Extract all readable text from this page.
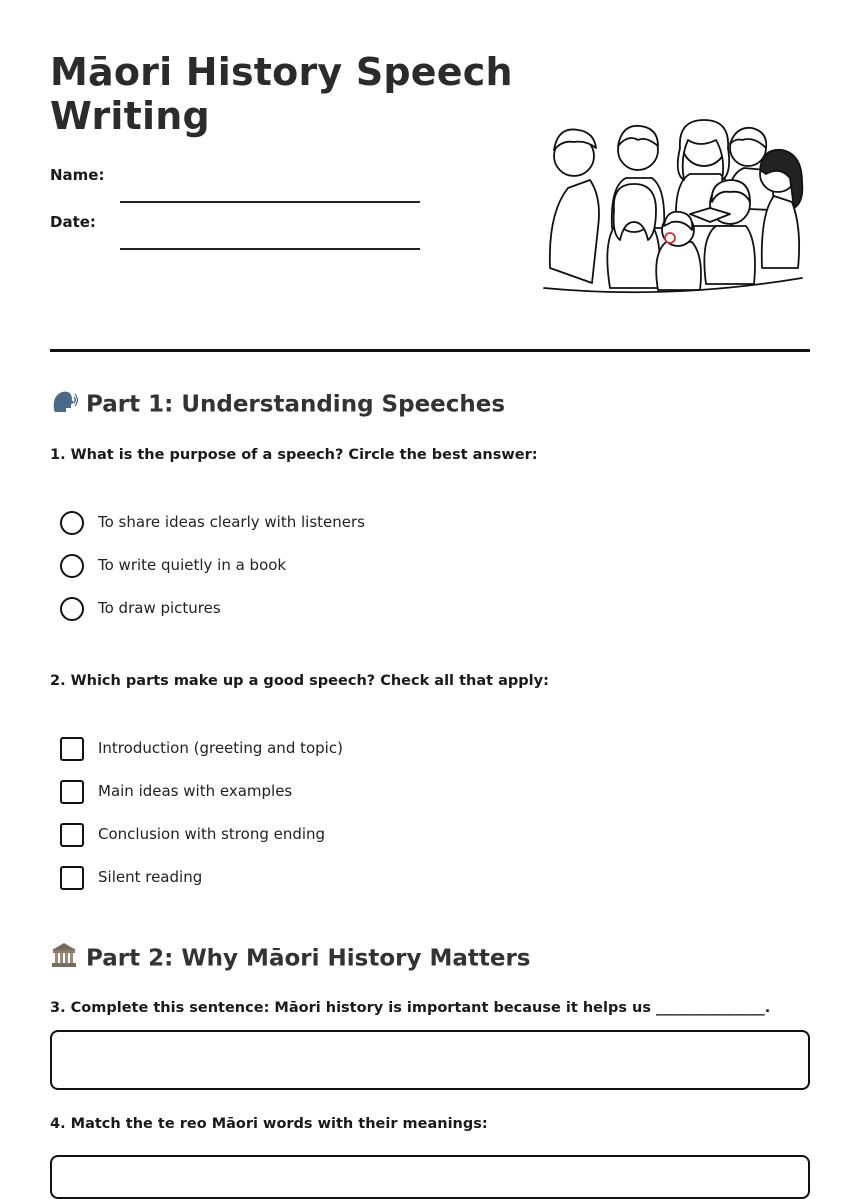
Māori History Speech Writing
Name:
Date:
Part 1: Understanding Speeches
1. What is the purpose of a speech? Circle the best answer:
To share ideas clearly with listeners
To write quietly in a book
To draw pictures
2. Which parts make up a good speech? Check all that apply:
Introduction (greeting and topic)
Main ideas with examples
Conclusion with strong ending
Silent reading
Part 2: Why Māori History Matters
3. Complete this sentence: Māori history is important because it helps us _______________.
4. Match the te reo Māori words with their meanings:
